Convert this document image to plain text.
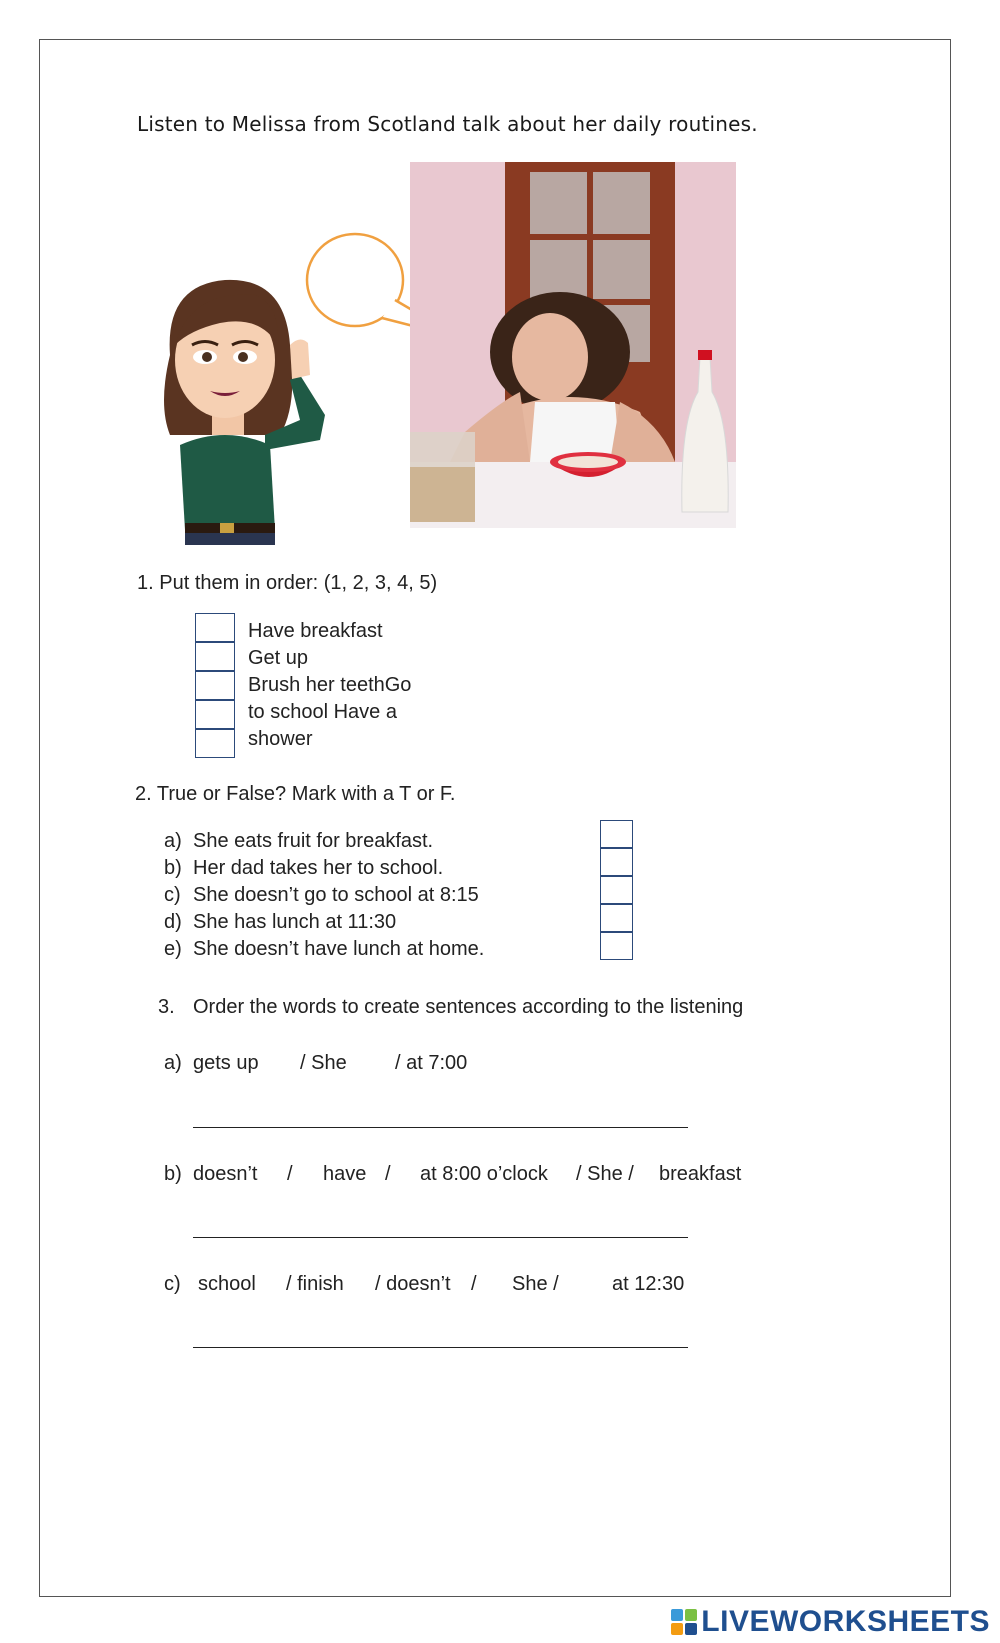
Listen to Melissa from Scotland talk about her daily routines.
1. Put them in order: (1, 2, 3, 4, 5)
Have breakfast
Get up
Brush her teethGo
to school Have a
shower
2. True or False? Mark with a T or F.
a) She eats fruit for breakfast.
b) Her dad takes her to school.
c) She doesn’t go to school at 8:15
d) She has lunch at 11:30
e) She doesn’t have lunch at home.
3. Order the words to create sentences according to the listening
a) gets up / She / at 7:00
b) doesn’t / have / at 8:00 o’clock / She / breakfast
c) school / finish / doesn’t / She /	at 12:30
LIVEWORKSHEETS
